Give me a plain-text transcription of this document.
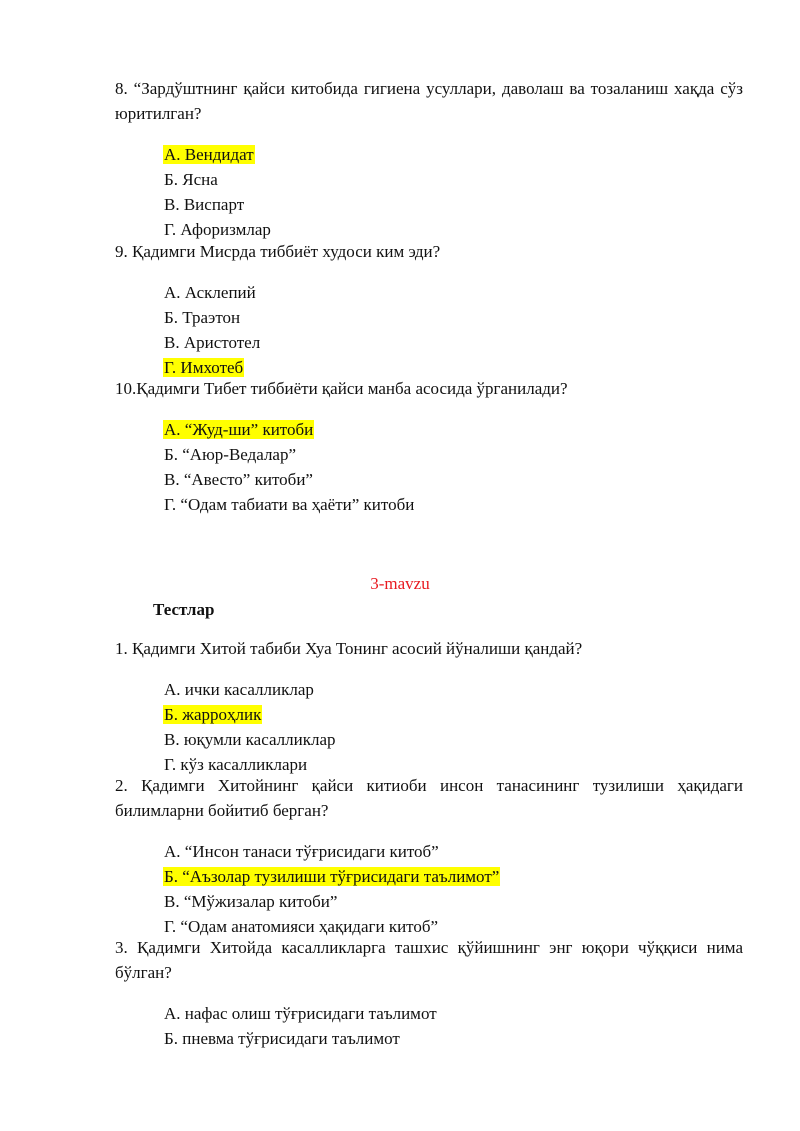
8. “Зардўштнинг қайси китобида гигиена усуллари, даволаш ва тозаланиш хақда сўз юритилган?

А. Вендидат
Б. Ясна
В. Виспарт
Г. Афоризмлар

9. Қадимги Мисрда тиббиёт худоси ким эди?

А. Асклепий
Б. Траэтон
В. Аристотел
Г. Имхотеб

10.Қадимги Тибет тиббиёти қайси манба асосида ўрганилади?

А. “Жуд-ши” китоби
Б. “Аюр-Ведалар”
В. “Авесто” китоби”
Г. “Одам табиати ва ҳаёти” китоби
3-mavzu
Тестлар

1. Қадимги Хитой табиби Хуа Тонинг асосий йўналиши қандай?

А. ички касалликлар
Б. жарроҳлик
В. юқумли касалликлар
Г. кўз касалликлари

2. Қадимги Хитойнинг қайси китиоби инсон танасининг тузилиши ҳақидаги билимларни бойитиб берган?

А. “Инсон танаси тўғрисидаги китоб”
Б. “Аъзолар тузилиши тўғрисидаги таълимот”
В. “Мўжизалар китоби”
Г. “Одам анатомияси ҳақидаги китоб”

3. Қадимги Хитойда касалликларга ташхис қўйишнинг энг юқори чўққиси нима бўлган?

А. нафас олиш тўғрисидаги таълимот
Б. пневма тўғрисидаги таълимот
